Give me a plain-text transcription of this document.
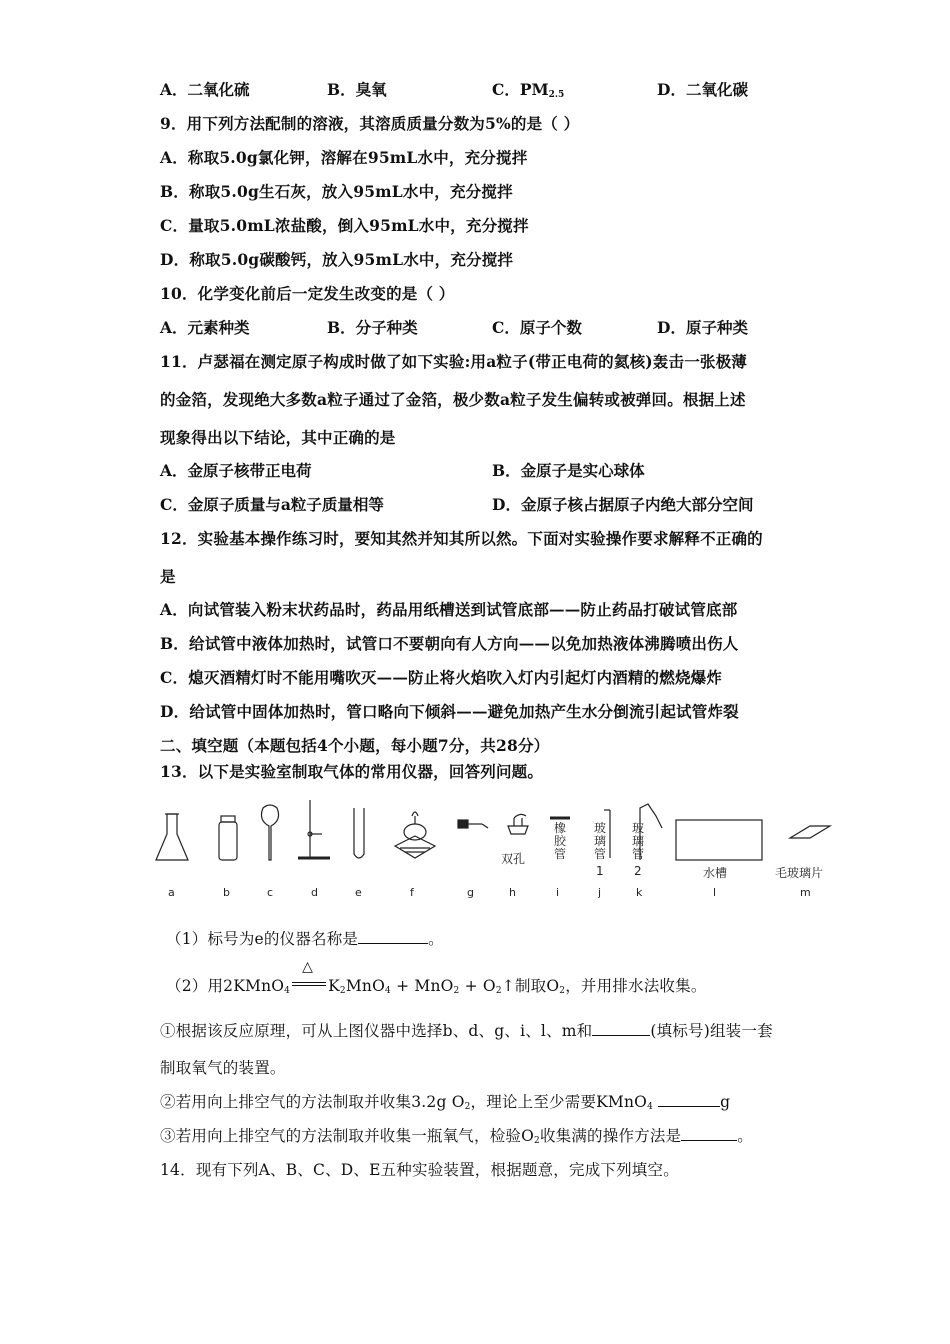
A．二氧化硫	B．臭氧	C．$PM_{2.5}$	D．二氧化碳
9．用下列方法配制的溶液，其溶质质量分数为5%的是（ ）
A．称取5.0g氯化钾，溶解在95mL水中，充分搅拌
B．称取5.0g生石灰，放入95mL水中，充分搅拌
C．量取5.0mL浓盐酸，倒入95mL水中，充分搅拌
D．称取5.0g碳酸钙，放入95mL水中，充分搅拌
10．化学变化前后一定发生改变的是（ ）
A．元素种类	B．分子种类	C．原子个数	D．原子种类
11．卢瑟福在测定原子构成时做了如下实验:用a粒子(带正电荷的氦核)轰击一张极薄
的金箔，发现绝大多数a粒子通过了金箔，极少数a粒子发生偏转或被弹回。根据上述
现象得出以下结论，其中正确的是
A．金原子核带正电荷	B．金原子是实心球体
C．金原子质量与a粒子质量相等	D．金原子核占据原子内绝大部分空间
12．实验基本操作练习时，要知其然并知其所以然。下面对实验操作要求解释不正确的
是
A．向试管装入粉末状药品时，药品用纸槽送到试管底部——防止药品打破试管底部
B．给试管中液体加热时，试管口不要朝向有人方向——以免加热液体沸腾喷出伤人
C．熄灭酒精灯时不能用嘴吹灭——防止将火焰吹入灯内引起灯内酒精的燃烧爆炸
D．给试管中固体加热时，管口略向下倾斜——避免加热产生水分倒流引起试管炸裂
二、填空题（本题包括4个小题，每小题7分，共28分）
13．以下是实验室制取气体的常用仪器，回答列问题。
双孔
橡胶管
玻璃管
1
玻璃管
2	水槽	毛玻璃片
a	b	c	d	e	f	g	h	i	j	k	l	m
（1）标号为e的仪器名称是	。
（2）用2KMnO$_4$
△
$K_2MnO_4 + MnO_2$ + $O_2↑$制取$O_2$，并用排水法收集。
①根据该反应原理，可从上图仪器中选择b、d、g、i、l、m和	(填标号)组装一套
制取氧气的装置。
②若用向上排空气的方法制取并收集3.2g $O_2$，理论上至少需要KMnO$_4$	g
③若用向上排空气的方法制取并收集一瓶氧气，检验$O_2$收集满的操作方法是	。
14．现有下列A、B、C、D、E五种实验装置，根据题意，完成下列填空。
